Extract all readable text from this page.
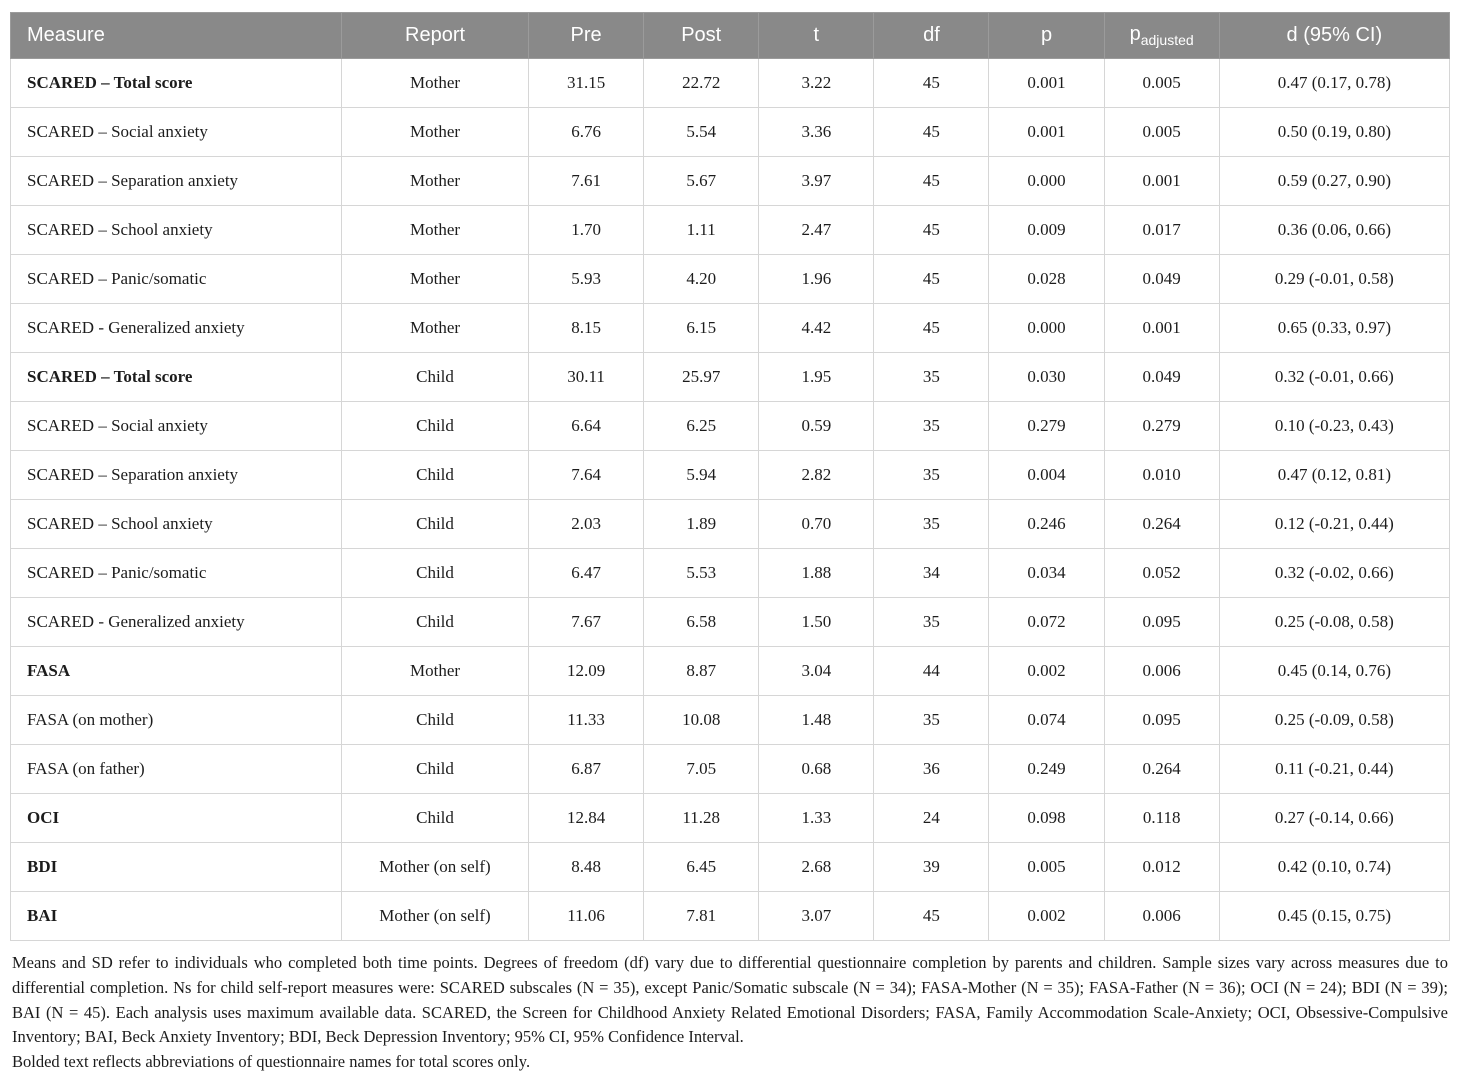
Measure	Report	Pre	Post	t	df	p	$p_{adjusted}$	d (95% CI)
SCARED – Total score	Mother	31.15	22.72	3.22	45	0.001	0.005	0.47 (0.17, 0.78)
SCARED – Social anxiety	Mother	6.76	5.54	3.36	45	0.001	0.005	0.50 (0.19, 0.80)
SCARED – Separation anxiety	Mother	7.61	5.67	3.97	45	0.000	0.001	0.59 (0.27, 0.90)
SCARED – School anxiety	Mother	1.70	1.11	2.47	45	0.009	0.017	0.36 (0.06, 0.66)
SCARED – Panic/somatic	Mother	5.93	4.20	1.96	45	0.028	0.049	0.29 (-0.01, 0.58)
SCARED - Generalized anxiety	Mother	8.15	6.15	4.42	45	0.000	0.001	0.65 (0.33, 0.97)
SCARED – Total score	Child	30.11	25.97	1.95	35	0.030	0.049	0.32 (-0.01, 0.66)
SCARED – Social anxiety	Child	6.64	6.25	0.59	35	0.279	0.279	0.10 (-0.23, 0.43)
SCARED – Separation anxiety	Child	7.64	5.94	2.82	35	0.004	0.010	0.47 (0.12, 0.81)
SCARED – School anxiety	Child	2.03	1.89	0.70	35	0.246	0.264	0.12 (-0.21, 0.44)
SCARED – Panic/somatic	Child	6.47	5.53	1.88	34	0.034	0.052	0.32 (-0.02, 0.66)
SCARED - Generalized anxiety	Child	7.67	6.58	1.50	35	0.072	0.095	0.25 (-0.08, 0.58)
FASA	Mother	12.09	8.87	3.04	44	0.002	0.006	0.45 (0.14, 0.76)
FASA (on mother)	Child	11.33	10.08	1.48	35	0.074	0.095	0.25 (-0.09, 0.58)
FASA (on father)	Child	6.87	7.05	0.68	36	0.249	0.264	0.11 (-0.21, 0.44)
OCI	Child	12.84	11.28	1.33	24	0.098	0.118	0.27 (-0.14, 0.66)
BDI	Mother (on self)	8.48	6.45	2.68	39	0.005	0.012	0.42 (0.10, 0.74)
BAI	Mother (on self)	11.06	7.81	3.07	45	0.002	0.006	0.45 (0.15, 0.75)

Means and SD refer to individuals who completed both time points. Degrees of freedom (df) vary due to differential questionnaire completion by parents and children. Sample sizes vary across measures due to differential completion. Ns for child self-report measures were: SCARED subscales (N = 35), except Panic/Somatic subscale (N = 34); FASA-Mother (N = 35); FASA-Father (N = 36); OCI (N = 24); BDI (N = 39); BAI (N = 45). Each analysis uses maximum available data. SCARED, the Screen for Childhood Anxiety Related Emotional Disorders; FASA, Family Accommodation Scale-Anxiety; OCI, Obsessive-Compulsive Inventory; BAI, Beck Anxiety Inventory; BDI, Beck Depression Inventory; 95% CI, 95% Confidence Interval.

Bolded text reflects abbreviations of questionnaire names for total scores only.
